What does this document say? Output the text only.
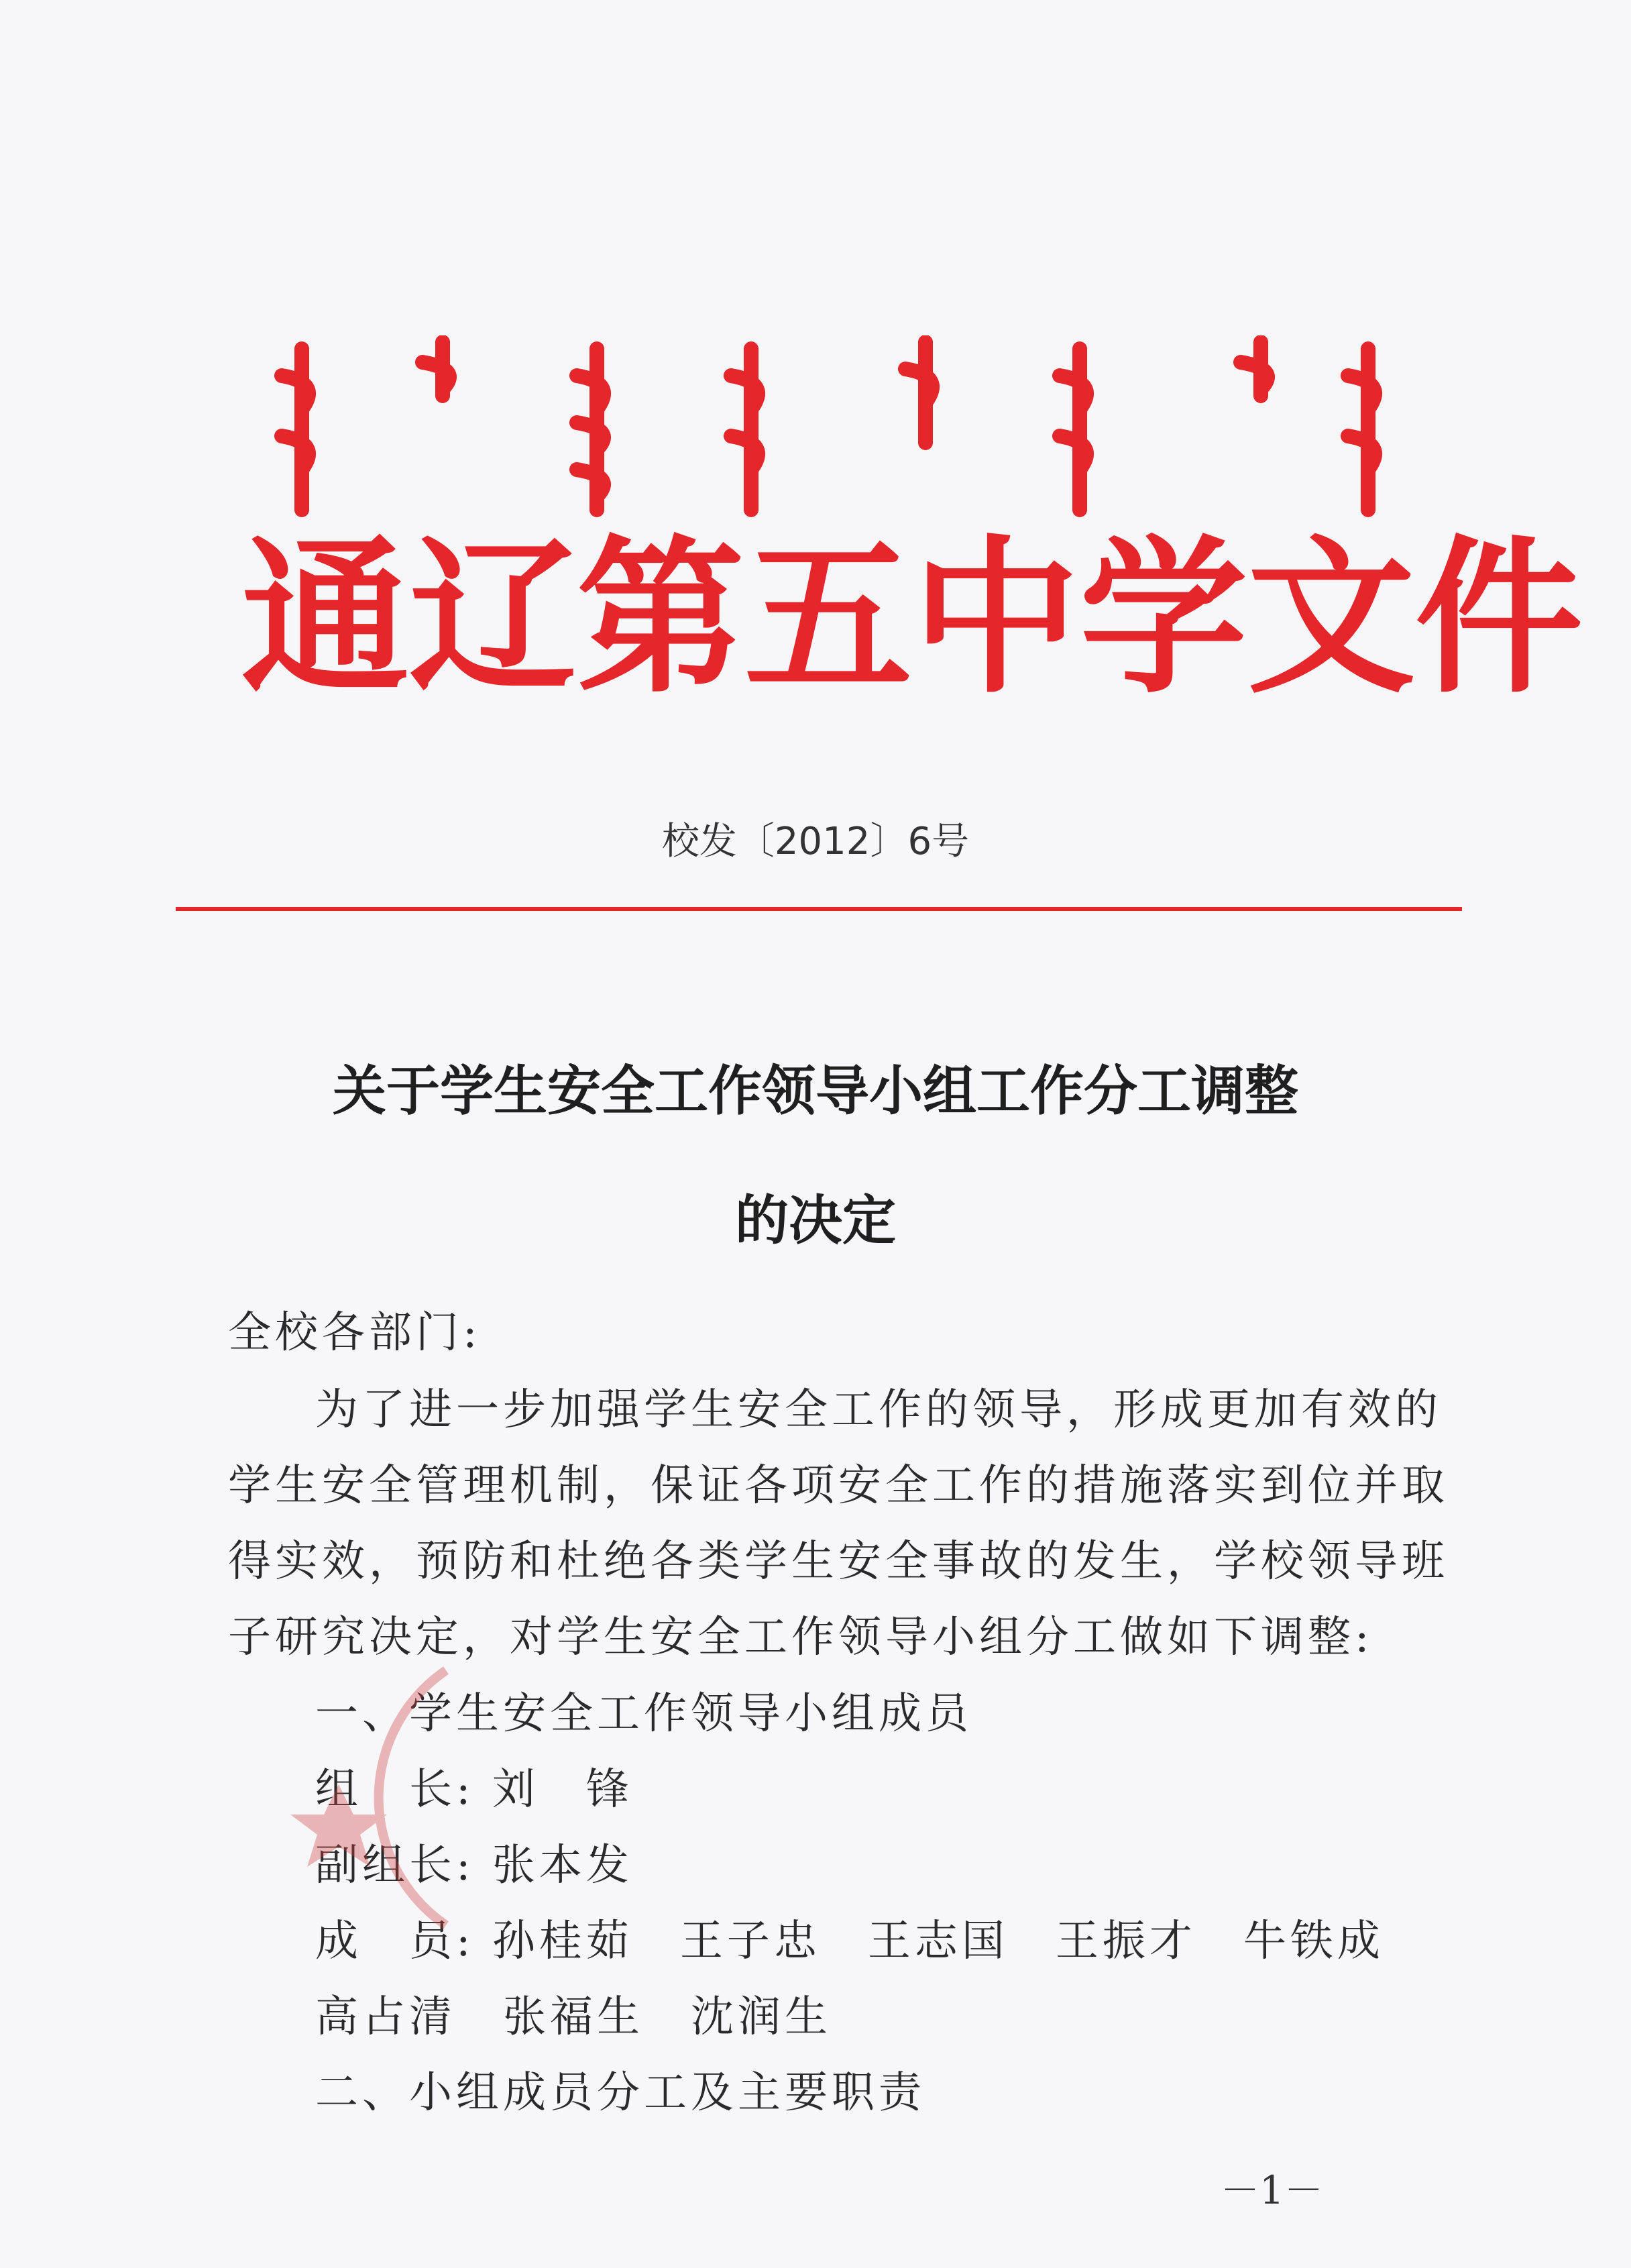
通辽第五中学文件
校发〔2012〕6号
关于学生安全工作领导小组工作分工调整
的决定
全校各部门:
为了进一步加强学生安全工作的领导，形成更加有效的
学生安全管理机制，保证各项安全工作的措施落实到位并取
得实效，预防和杜绝各类学生安全事故的发生，学校领导班
子研究决定，对学生安全工作领导小组分工做如下调整:
一、学生安全工作领导小组成员
组　长: 刘　锋
副组长: 张本发
成　员: 孙桂茹　王子忠　王志国　王振才　牛铁成
高占清　张福生　沈润生
二、小组成员分工及主要职责
－1－
